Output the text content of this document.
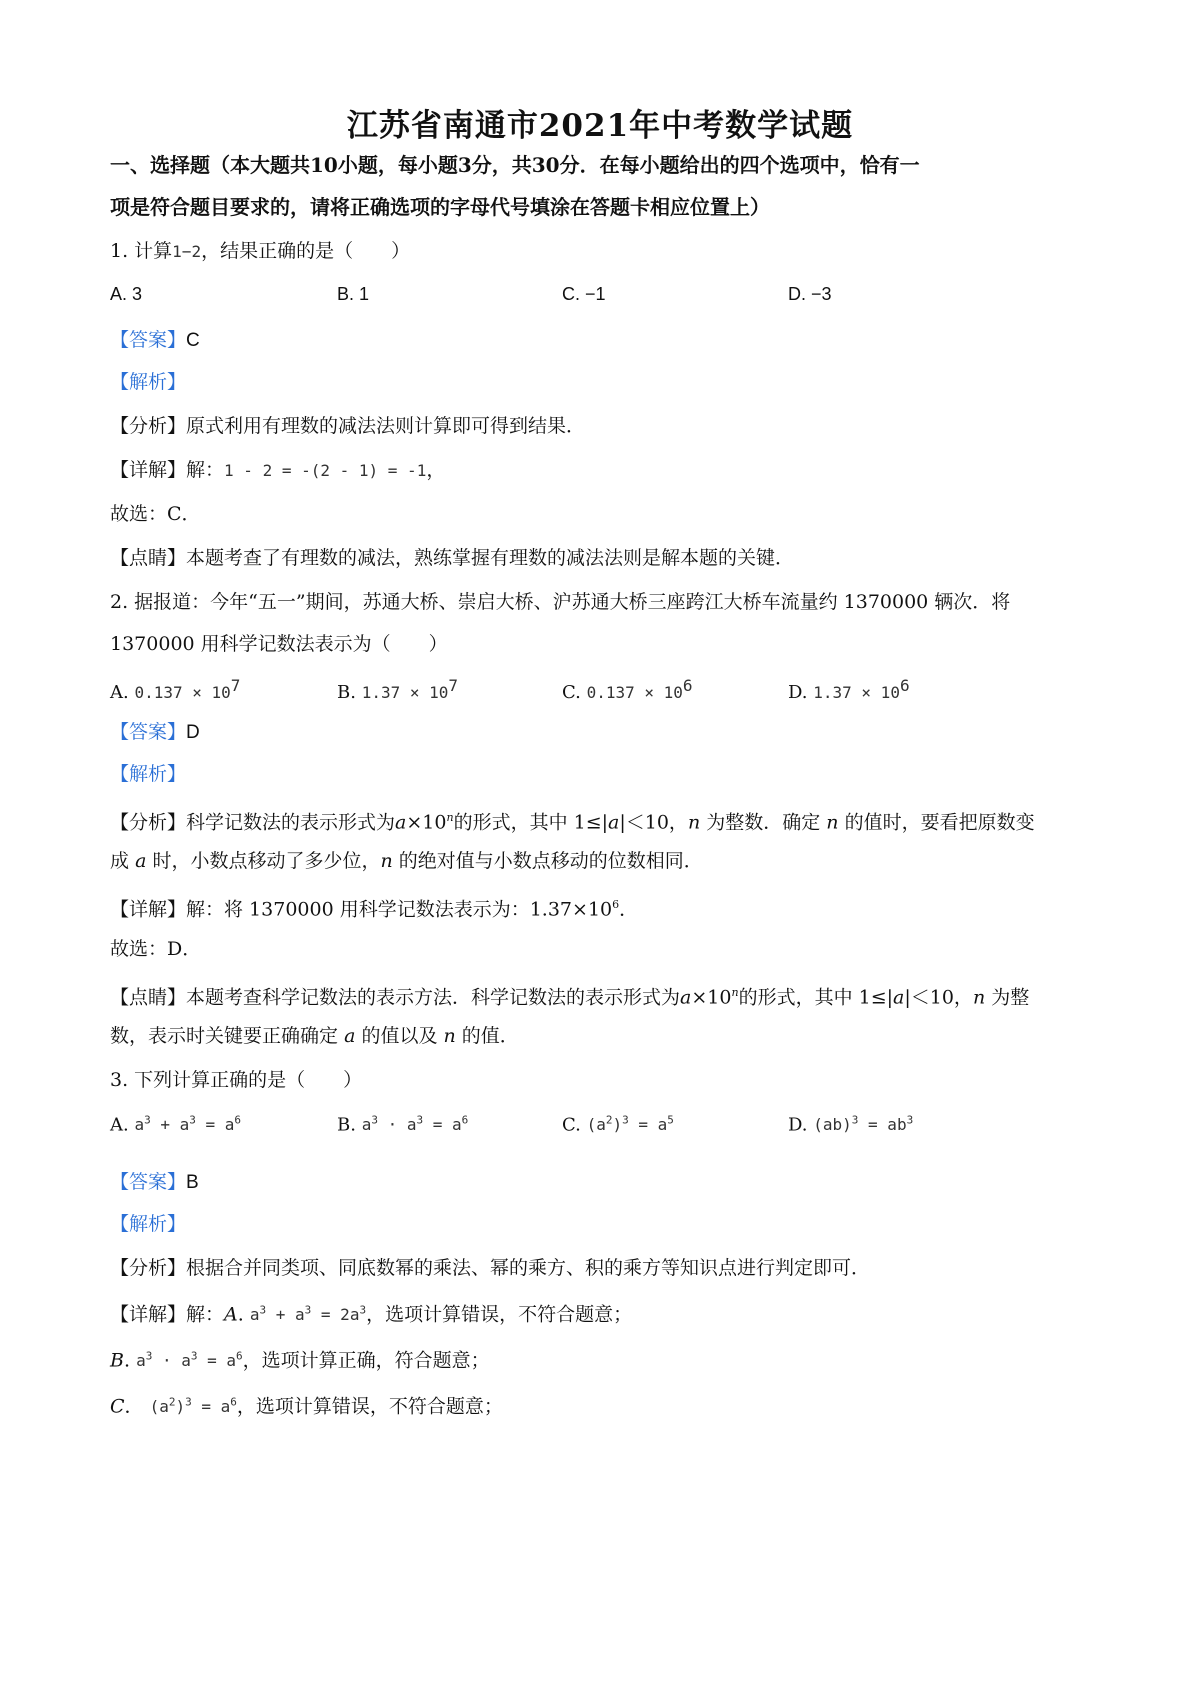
江苏省南通市2021年中考数学试题
一、选择题（本大题共10小题，每小题3分，共30分．在每小题给出的四个选项中，恰有一
项是符合题目要求的，请将正确选项的字母代号填涂在答题卡相应位置上）
1. 计算1−2，结果正确的是（　　）
A. 3	B. 1	C. −1	D. −3
【答案】C
【解析】
【分析】原式利用有理数的减法法则计算即可得到结果．
【详解】解：1 - 2 = -(2 - 1) = -1，
故选：C．
【点睛】本题考查了有理数的减法，熟练掌握有理数的减法法则是解本题的关键．
2. 据报道：今年“五一”期间，苏通大桥、崇启大桥、沪苏通大桥三座跨江大桥车流量约 1370000 辆次．将
1370000 用科学记数法表示为（　　）
A. $0.137 \times 10^7$	B. $1.37 \times 10^7$	C. $0.137 \times 10^6$	D. $1.37 \times 10^6$
【答案】D
【解析】
【分析】科学记数法的表示形式为$a\times 10^n$的形式，其中 1≤|a|＜10，n 为整数．确定 n 的值时，要看把原数变
成 a 时，小数点移动了多少位，n 的绝对值与小数点移动的位数相同．
【详解】解：将 1370000 用科学记数法表示为：$1.37\times 10^6$．
故选：D．
【点睛】本题考查科学记数法的表示方法．科学记数法的表示形式为$a\times 10^n$的形式，其中 1≤|a|＜10，n 为整
数，表示时关键要正确确定 a 的值以及 n 的值．
3. 下列计算正确的是（　　）
A. $a^3 + a^3 = a^6$	B. $a^3 \cdot a^3 = a^6$	C. $(a^2)^3 = a^5$	D. $(ab)^3 = ab^3$
【答案】B
【解析】
【分析】根据合并同类项、同底数幂的乘法、幂的乘方、积的乘方等知识点进行判定即可．
【详解】解：A. $a^3 + a^3 = 2a^3$，选项计算错误，不符合题意；
B. $a^3 \cdot a^3 = a^6$，选项计算正确，符合题意；
C． $(a^2)^3 = a^6$，选项计算错误，不符合题意；
